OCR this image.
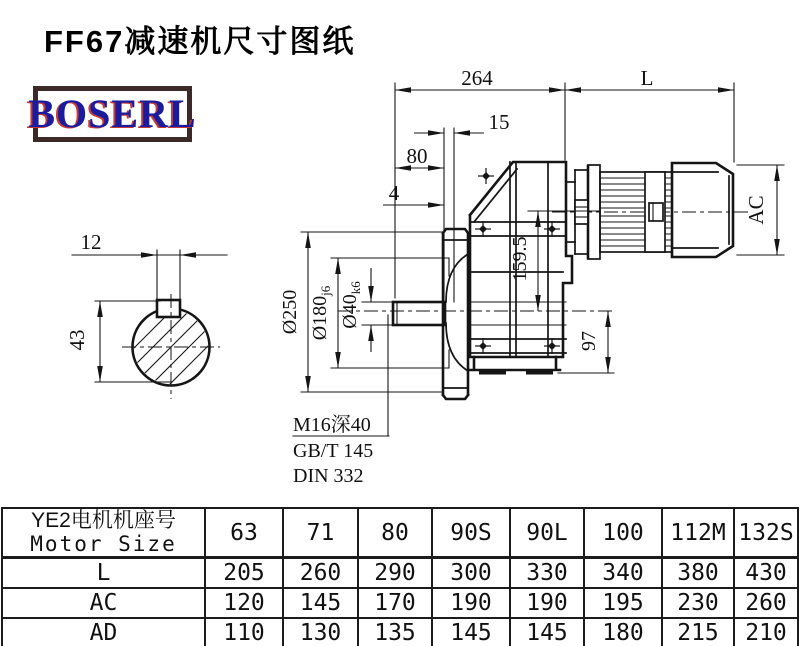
12
43
264	L
15
80
4
AC
159.5
97
Ø250 $Ø180_{j6}$
$Ø40_{k6}$
M16深40
GB/T 145
DIN 332
FF67减速机尺寸图纸
BOSERL
YE2电机机座号
Motor Size	63	71	80	90S	90L	100	112M	132S
L	205	260	290	300	330	340	380	430
AC	120	145	170	190	190	195	230	260
AD	110	130	135	145	145	180	215	210
